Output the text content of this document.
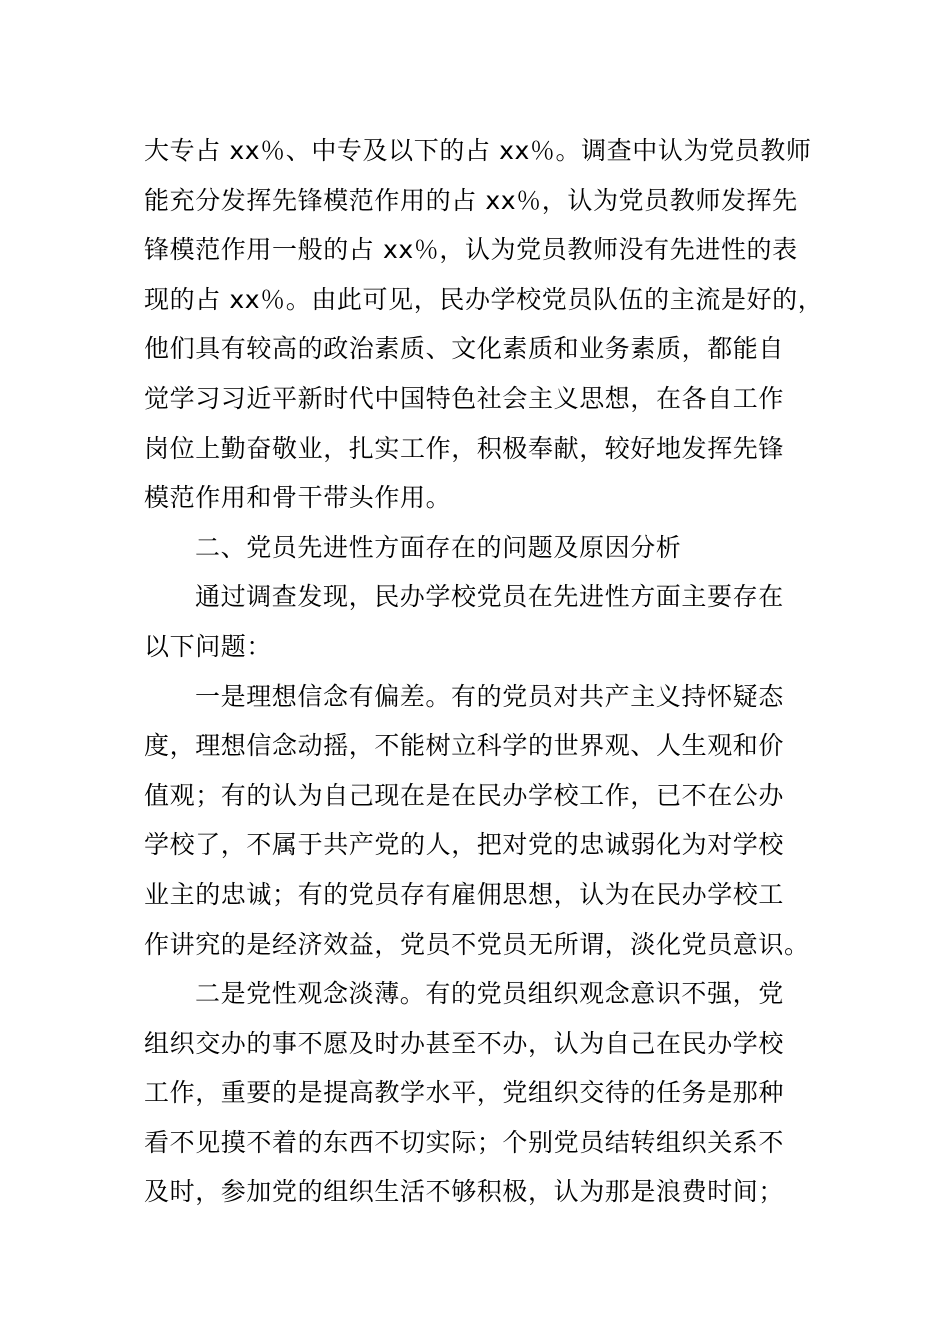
大专占 xx％、中专及以下的占 xx％。调查中认为党员教师
能充分发挥先锋模范作用的占 xx％，认为党员教师发挥先
锋模范作用一般的占 xx％，认为党员教师没有先进性的表
现的占 xx％。由此可见，民办学校党员队伍的主流是好的，
他们具有较高的政治素质、文化素质和业务素质，都能自
觉学习习近平新时代中国特色社会主义思想，在各自工作
岗位上勤奋敬业，扎实工作，积极奉献，较好地发挥先锋
模范作用和骨干带头作用。
二、党员先进性方面存在的问题及原因分析
通过调查发现，民办学校党员在先进性方面主要存在
以下问题：
一是理想信念有偏差。有的党员对共产主义持怀疑态
度，理想信念动摇，不能树立科学的世界观、人生观和价
值观；有的认为自己现在是在民办学校工作，已不在公办
学校了，不属于共产党的人，把对党的忠诚弱化为对学校
业主的忠诚；有的党员存有雇佣思想，认为在民办学校工
作讲究的是经济效益，党员不党员无所谓，淡化党员意识。
二是党性观念淡薄。有的党员组织观念意识不强，党
组织交办的事不愿及时办甚至不办，认为自己在民办学校
工作，重要的是提高教学水平，党组织交待的任务是那种
看不见摸不着的东西不切实际；个别党员结转组织关系不
及时，参加党的组织生活不够积极，认为那是浪费时间；
